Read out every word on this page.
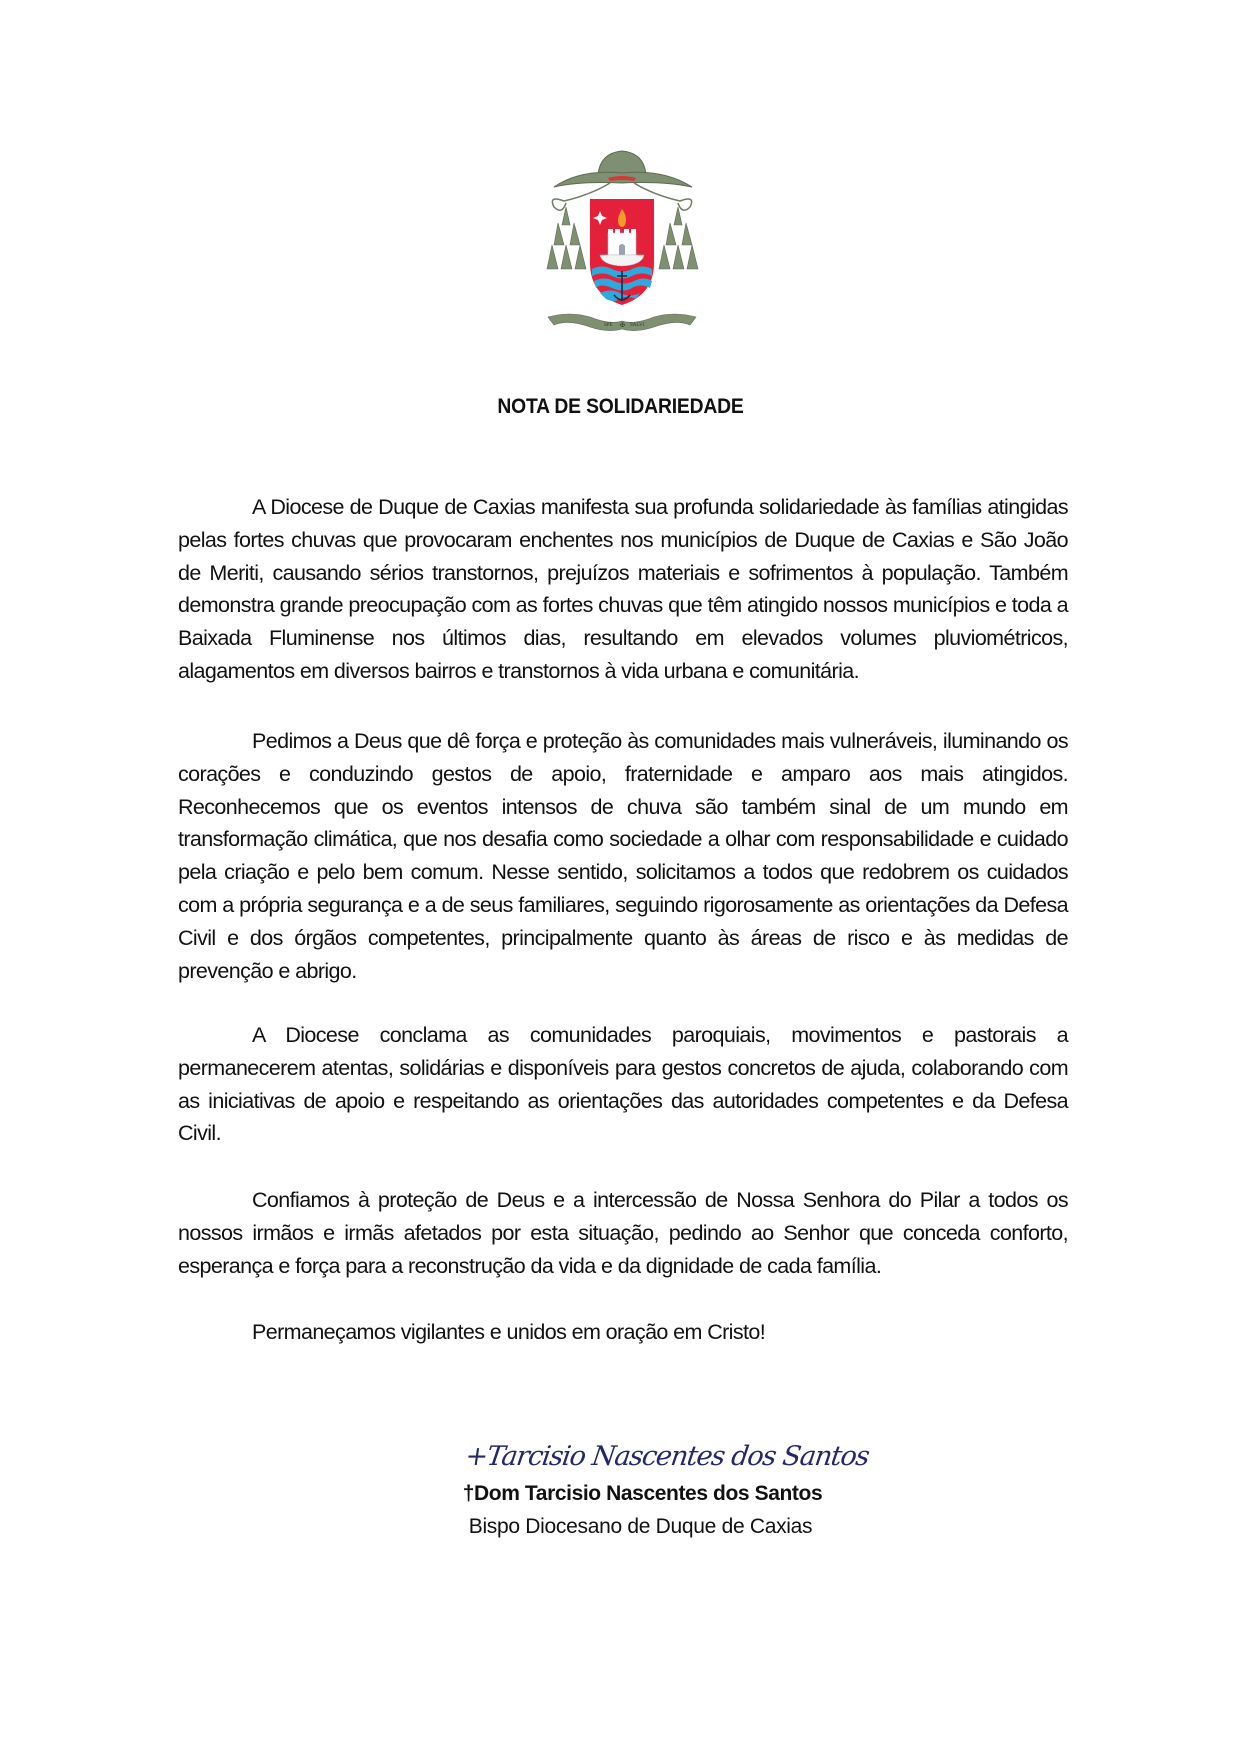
SPE ✠ SALVI
NOTA DE SOLIDARIEDADE

A Diocese de Duque de Caxias manifesta sua profunda solidariedade às famílias atingidas pelas fortes chuvas que provocaram enchentes nos municípios de Duque de Caxias e São João de Meriti, causando sérios transtornos, prejuízos materiais e sofrimentos à população. Também demonstra grande preocupação com as fortes chuvas que têm atingido nossos municípios e toda a Baixada Fluminense nos últimos dias, resultando em elevados volumes pluviométricos, alagamentos em diversos bairros e transtornos à vida urbana e comunitária.

Pedimos a Deus que dê força e proteção às comunidades mais vulneráveis, iluminando os corações e conduzindo gestos de apoio, fraternidade e amparo aos mais atingidos. Reconhecemos que os eventos intensos de chuva são também sinal de um mundo em transformação climática, que nos desafia como sociedade a olhar com responsabilidade e cuidado pela criação e pelo bem comum. Nesse sentido, solicitamos a todos que redobrem os cuidados com a própria segurança e a de seus familiares, seguindo rigorosamente as orientações da Defesa Civil e dos órgãos competentes, principalmente quanto às áreas de risco e às medidas de prevenção e abrigo.

A Diocese conclama as comunidades paroquiais, movimentos e pastorais a permanecerem atentas, solidárias e disponíveis para gestos concretos de ajuda, colaborando com as iniciativas de apoio e respeitando as orientações das autoridades competentes e da Defesa Civil.

Confiamos à proteção de Deus e a intercessão de Nossa Senhora do Pilar a todos os nossos irmãos e irmãs afetados por esta situação, pedindo ao Senhor que conceda conforto, esperança e força para a reconstrução da vida e da dignidade de cada família.

Permaneçamos vigilantes e unidos em oração em Cristo!

+Tarcisio Nascentes dos Santos
†Dom Tarcisio Nascentes dos Santos
Bispo Diocesano de Duque de Caxias
